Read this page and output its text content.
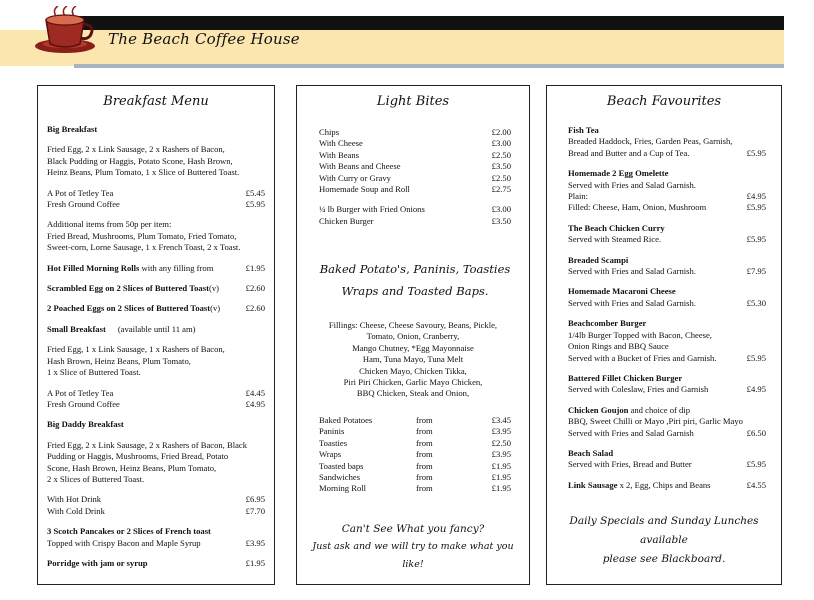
The Beach Coffee House
Breakfast Menu
Big Breakfast
Fried Egg, 2 x Link Sausage, 2 x Rashers of Bacon,
Black Pudding or Haggis, Potato Scone, Hash Brown,
Heinz Beans, Plum Tomato, 1 x Slice of Buttered Toast.
A Pot of Tetley Tea	£5.45
Fresh Ground Coffee	£5.95
Additional items from 50p per item:
Fried Bread, Mushrooms, Plum Tomato, Fried Tomato,
Sweet-corn, Lorne Sausage, 1 x French Toast, 2 x Toast.
Hot Filled Morning Rolls with any filling from	£1.95
Scrambled Egg on 2 Slices of Buttered Toast(v)	£2.60
2 Poached Eggs on 2 Slices of Buttered Toast(v)	£2.60
Small Breakfast (available until 11 am)
Fried Egg, 1 x Link Sausage, 1 x Rashers of Bacon,
Hash Brown, Heinz Beans, Plum Tomato,
1 x Slice of Buttered Toast.
A Pot of Tetley Tea	£4.45
Fresh Ground Coffee	£4.95
Big Daddy Breakfast
Fried Egg, 2 x Link Sausage, 2 x Rashers of Bacon, Black
Pudding or Haggis, Mushrooms, Fried Bread, Potato
Scone, Hash Brown, Heinz Beans, Plum Tomato,
2 x Slices of Buttered Toast.
With Hot Drink	£6.95
With Cold Drink	£7.70
3 Scotch Pancakes or 2 Slices of French toast
Topped with Crispy Bacon and Maple Syrup	£3.95
Porridge with jam or syrup	£1.95
Light Bites
Chips	£2.00
With Cheese	£3.00
With Beans	£2.50
With Beans and Cheese	£3.50
With Curry or Gravy	£2.50
Homemade Soup and Roll	£2.75
¼ lb Burger with Fried Onions	£3.00
Chicken Burger	£3.50
Baked Potato's, Paninis, Toasties
Wraps and Toasted Baps.
Fillings: Cheese, Cheese Savoury, Beans, Pickle,
Tomato, Onion, Cranberry,
Mango Chutney, *Egg Mayonnaise
Ham, Tuna Mayo, Tuna Melt
Chicken Mayo, Chicken Tikka,
Piri Piri Chicken, Garlic Mayo Chicken,
BBQ Chicken, Steak and Onion,
Baked Potatoes	from	£3.45
Paninis	from	£3.95
Toasties	from	£2.50
Wraps	from	£3.95
Toasted baps	from	£1.95
Sandwiches	from	£1.95
Morning Roll	from	£1.95
Can't See What you fancy?
Just ask and we will try to make what you like!
Beach Favourites
Fish Tea
Breaded Haddock, Fries, Garden Peas, Garnish,
Bread and Butter and a Cup of Tea.	£5.95
Homemade 2 Egg Omelette
Served with Fries and Salad Garnish.
Plain:	£4.95
Filled: Cheese, Ham, Onion, Mushroom	£5.95
The Beach Chicken Curry
Served with Steamed Rice.	£5.95
Breaded Scampi
Served with Fries and Salad Garnish.	£7.95
Homemade Macaroni Cheese
Served with Fries and Salad Garnish.	£5.30
Beachcomber Burger
1/4lb Burger Topped with Bacon, Cheese,
Onion Rings and BBQ Sauce
Served with a Bucket of Fries and Garnish.	£5.95
Battered Fillet Chicken Burger
Served with Coleslaw, Fries and Garnish	£4.95
Chicken Goujon and choice of dip
BBQ, Sweet Chilli or Mayo ,Piri piri, Garlic Mayo
Served with Fries and Salad Garnish	£6.50
Beach Salad
Served with Fries, Bread and Butter	£5.95
Link Sausage x 2, Egg, Chips and Beans	£4.55
Daily Specials and Sunday Lunches available
please see Blackboard.
